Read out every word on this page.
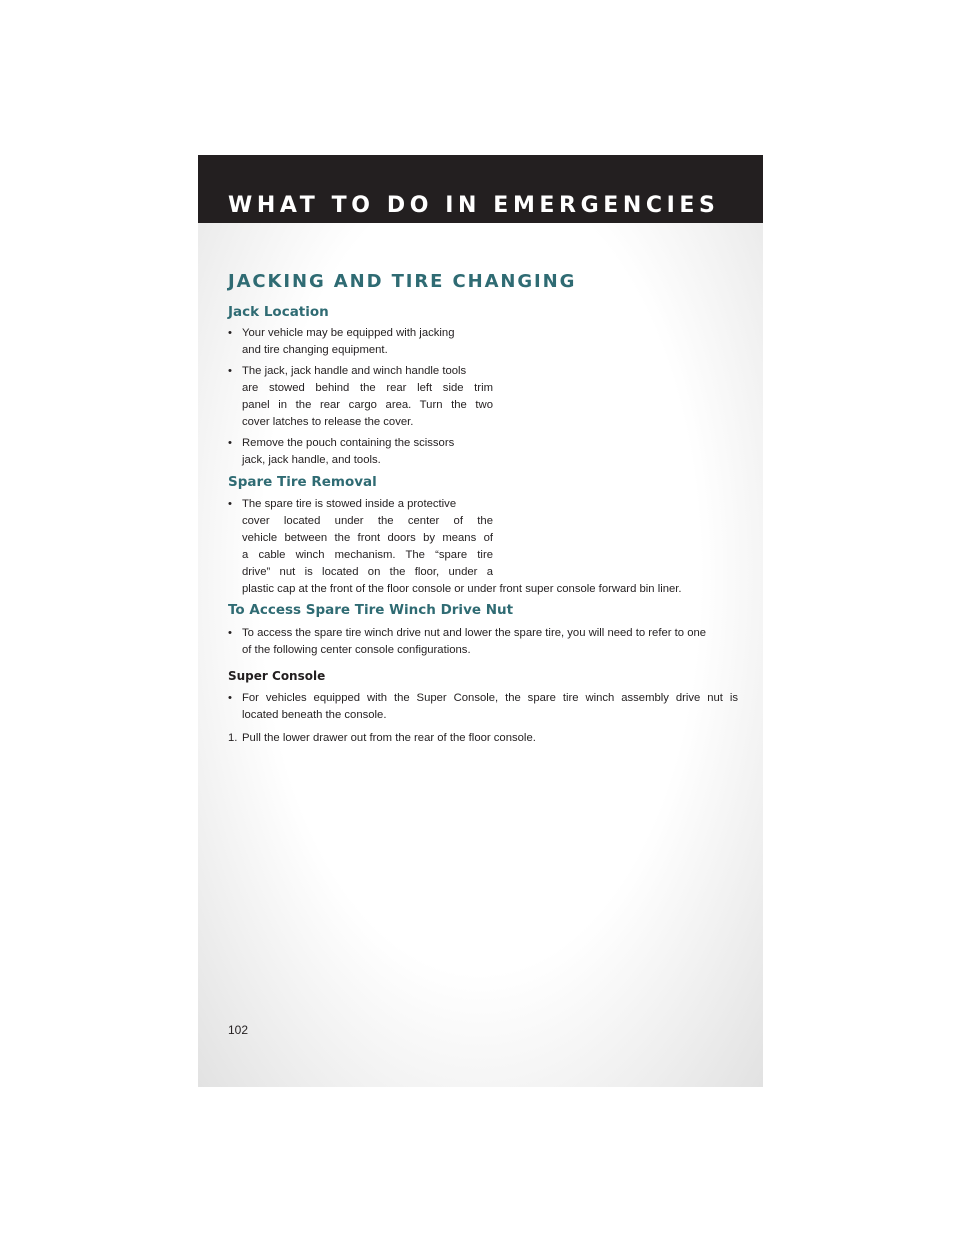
WHAT TO DO IN EMERGENCIES
JACKING AND TIRE CHANGING
Jack Location
• Your vehicle may be equipped with jacking
and tire changing equipment.
• The jack, jack handle and winch handle tools
are stowed behind the rear left side trim
panel in the rear cargo area. Turn the two
cover latches to release the cover.
• Remove the pouch containing the scissors
jack, jack handle, and tools.
Spare Tire Removal
• The spare tire is stowed inside a protective
cover located under the center of the
vehicle between the front doors by means of
a cable winch mechanism. The “spare tire
drive” nut is located on the floor, under a
plastic cap at the front of the floor console or under front super console forward bin liner.
To Access Spare Tire Winch Drive Nut
• To access the spare tire winch drive nut and lower the spare tire, you will need to refer to one
of the following center console configurations.
Super Console
• For vehicles equipped with the Super Console, the spare tire winch assembly drive nut is
located beneath the console.
1. Pull the lower drawer out from the rear of the floor console.

102
